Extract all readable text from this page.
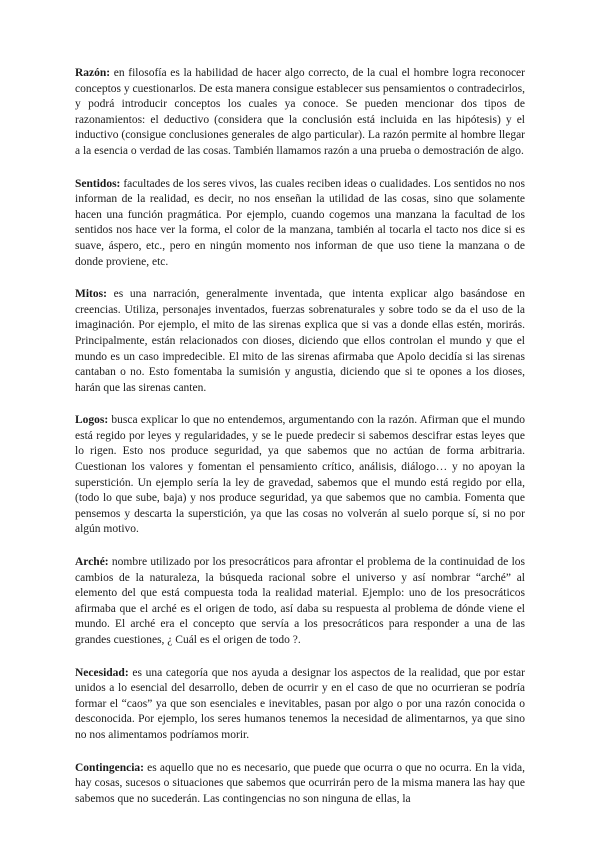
Razón: en filosofía es la habilidad de hacer algo correcto, de la cual el hombre logra reconocer conceptos y cuestionarlos. De esta manera consigue establecer sus pensamientos o contradecirlos, y podrá introducir conceptos los cuales ya conoce. Se pueden mencionar dos tipos de razonamientos: el deductivo (considera que la conclusión está incluida en las hipótesis) y el inductivo (consigue conclusiones generales de algo particular). La razón permite al hombre llegar a la esencia o verdad de las cosas. También llamamos razón a una prueba o demostración de algo.

Sentidos: facultades de los seres vivos, las cuales reciben ideas o cualidades. Los sentidos no nos informan de la realidad, es decir, no nos enseñan la utilidad de las cosas, sino que solamente hacen una función pragmática. Por ejemplo, cuando cogemos una manzana la facultad de los sentidos nos hace ver la forma, el color de la manzana, también al tocarla el tacto nos dice si es suave, áspero, etc., pero en ningún momento nos informan de que uso tiene la manzana o de donde proviene, etc.

Mitos: es una narración, generalmente inventada, que intenta explicar algo basándose en creencias. Utiliza, personajes inventados, fuerzas sobrenaturales y sobre todo se da el uso de la imaginación. Por ejemplo, el mito de las sirenas explica que si vas a donde ellas estén, morirás. Principalmente, están relacionados con dioses, diciendo que ellos controlan el mundo y que el mundo es un caso impredecible. El mito de las sirenas afirmaba que Apolo decidía si las sirenas cantaban o no. Esto fomentaba la sumisión y angustia, diciendo que si te opones a los dioses, harán que las sirenas canten.

Logos: busca explicar lo que no entendemos, argumentando con la razón. Afirman que el mundo está regido por leyes y regularidades, y se le puede predecir si sabemos descifrar estas leyes que lo rigen. Esto nos produce seguridad, ya que sabemos que no actúan de forma arbitraria. Cuestionan los valores y fomentan el pensamiento crítico, análisis, diálogo… y no apoyan la superstición. Un ejemplo sería la ley de gravedad, sabemos que el mundo está regido por ella, (todo lo que sube, baja) y nos produce seguridad, ya que sabemos que no cambia. Fomenta que pensemos y descarta la superstición, ya que las cosas no volverán al suelo porque sí, si no por algún motivo.

Arché: nombre utilizado por los presocráticos para afrontar el problema de la continuidad de los cambios de la naturaleza, la búsqueda racional sobre el universo y así nombrar “arché” al elemento del que está compuesta toda la realidad material. Ejemplo: uno de los presocráticos afirmaba que el arché es el origen de todo, así daba su respuesta al problema de dónde viene el mundo. El arché era el concepto que servía a los presocráticos para responder a una de las grandes cuestiones, ¿ Cuál es el origen de todo ?.

Necesidad: es una categoría que nos ayuda a designar los aspectos de la realidad, que por estar unidos a lo esencial del desarrollo, deben de ocurrir y en el caso de que no ocurrieran se podría formar el “caos” ya que son esenciales e inevitables, pasan por algo o por una razón conocida o desconocida. Por ejemplo, los seres humanos tenemos la necesidad de alimentarnos, ya que sino no nos alimentamos podríamos morir.

Contingencia: es aquello que no es necesario, que puede que ocurra o que no ocurra. En la vida, hay cosas, sucesos o situaciones que sabemos que ocurrirán pero de la misma manera las hay que sabemos que no sucederán. Las contingencias no son ninguna de ellas, la
